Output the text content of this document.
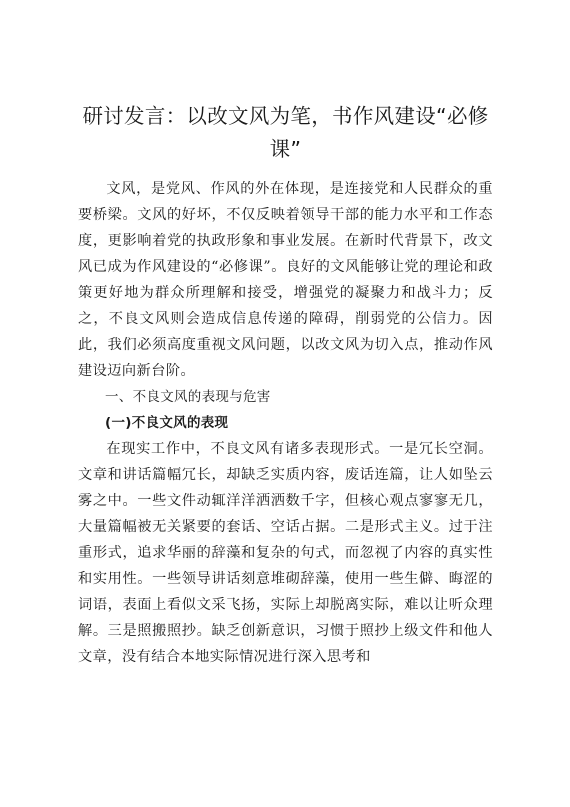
研讨发言：以改文风为笔，书作风建设“必修课”

文风，是党风、作风的外在体现，是连接党和人民群众的重要桥梁。文风的好坏，不仅反映着领导干部的能力水平和工作态度，更影响着党的执政形象和事业发展。在新时代背景下，改文风已成为作风建设的“必修课”。良好的文风能够让党的理论和政策更好地为群众所理解和接受，增强党的凝聚力和战斗力；反之，不良文风则会造成信息传递的障碍，削弱党的公信力。因此，我们必须高度重视文风问题，以改文风为切入点，推动作风建设迈向新台阶。

一、不良文风的表现与危害
(一)不良文风的表现

在现实工作中，不良文风有诸多表现形式。一是冗长空洞。文章和讲话篇幅冗长，却缺乏实质内容，废话连篇，让人如坠云雾之中。一些文件动辄洋洋洒洒数千字，但核心观点寥寥无几，大量篇幅被无关紧要的套话、空话占据。二是形式主义。过于注重形式，追求华丽的辞藻和复杂的句式，而忽视了内容的真实性和实用性。一些领导讲话刻意堆砌辞藻，使用一些生僻、晦涩的词语，表面上看似文采飞扬，实际上却脱离实际，难以让听众理解。三是照搬照抄。缺乏创新意识，习惯于照抄上级文件和他人文章，没有结合本地实际情况进行深入思考和
